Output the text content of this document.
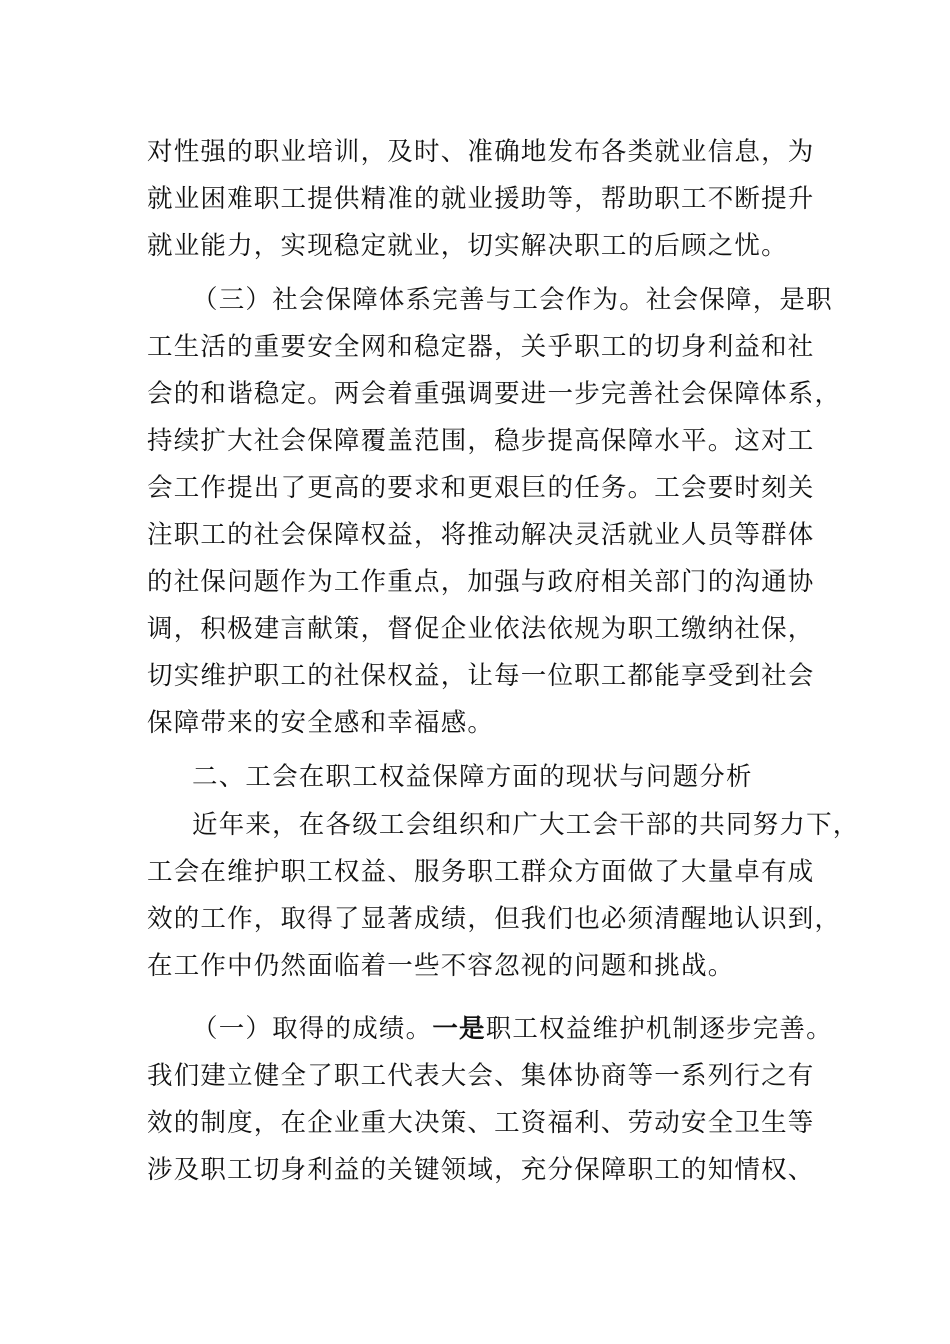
对性强的职业培训，及时、准确地发布各类就业信息，为
就业困难职工提供精准的就业援助等，帮助职工不断提升
就业能力，实现稳定就业，切实解决职工的后顾之忧。
（三）社会保障体系完善与工会作为。社会保障，是职
工生活的重要安全网和稳定器，关乎职工的切身利益和社
会的和谐稳定。两会着重强调要进一步完善社会保障体系，
持续扩大社会保障覆盖范围，稳步提高保障水平。这对工
会工作提出了更高的要求和更艰巨的任务。工会要时刻关
注职工的社会保障权益，将推动解决灵活就业人员等群体
的社保问题作为工作重点，加强与政府相关部门的沟通协
调，积极建言献策，督促企业依法依规为职工缴纳社保，
切实维护职工的社保权益，让每一位职工都能享受到社会
保障带来的安全感和幸福感。
二、工会在职工权益保障方面的现状与问题分析
近年来，在各级工会组织和广大工会干部的共同努力下，
工会在维护职工权益、服务职工群众方面做了大量卓有成
效的工作，取得了显著成绩，但我们也必须清醒地认识到，
在工作中仍然面临着一些不容忽视的问题和挑战。
（一）取得的成绩。一是职工权益维护机制逐步完善。
我们建立健全了职工代表大会、集体协商等一系列行之有
效的制度，在企业重大决策、工资福利、劳动安全卫生等
涉及职工切身利益的关键领域，充分保障职工的知情权、
